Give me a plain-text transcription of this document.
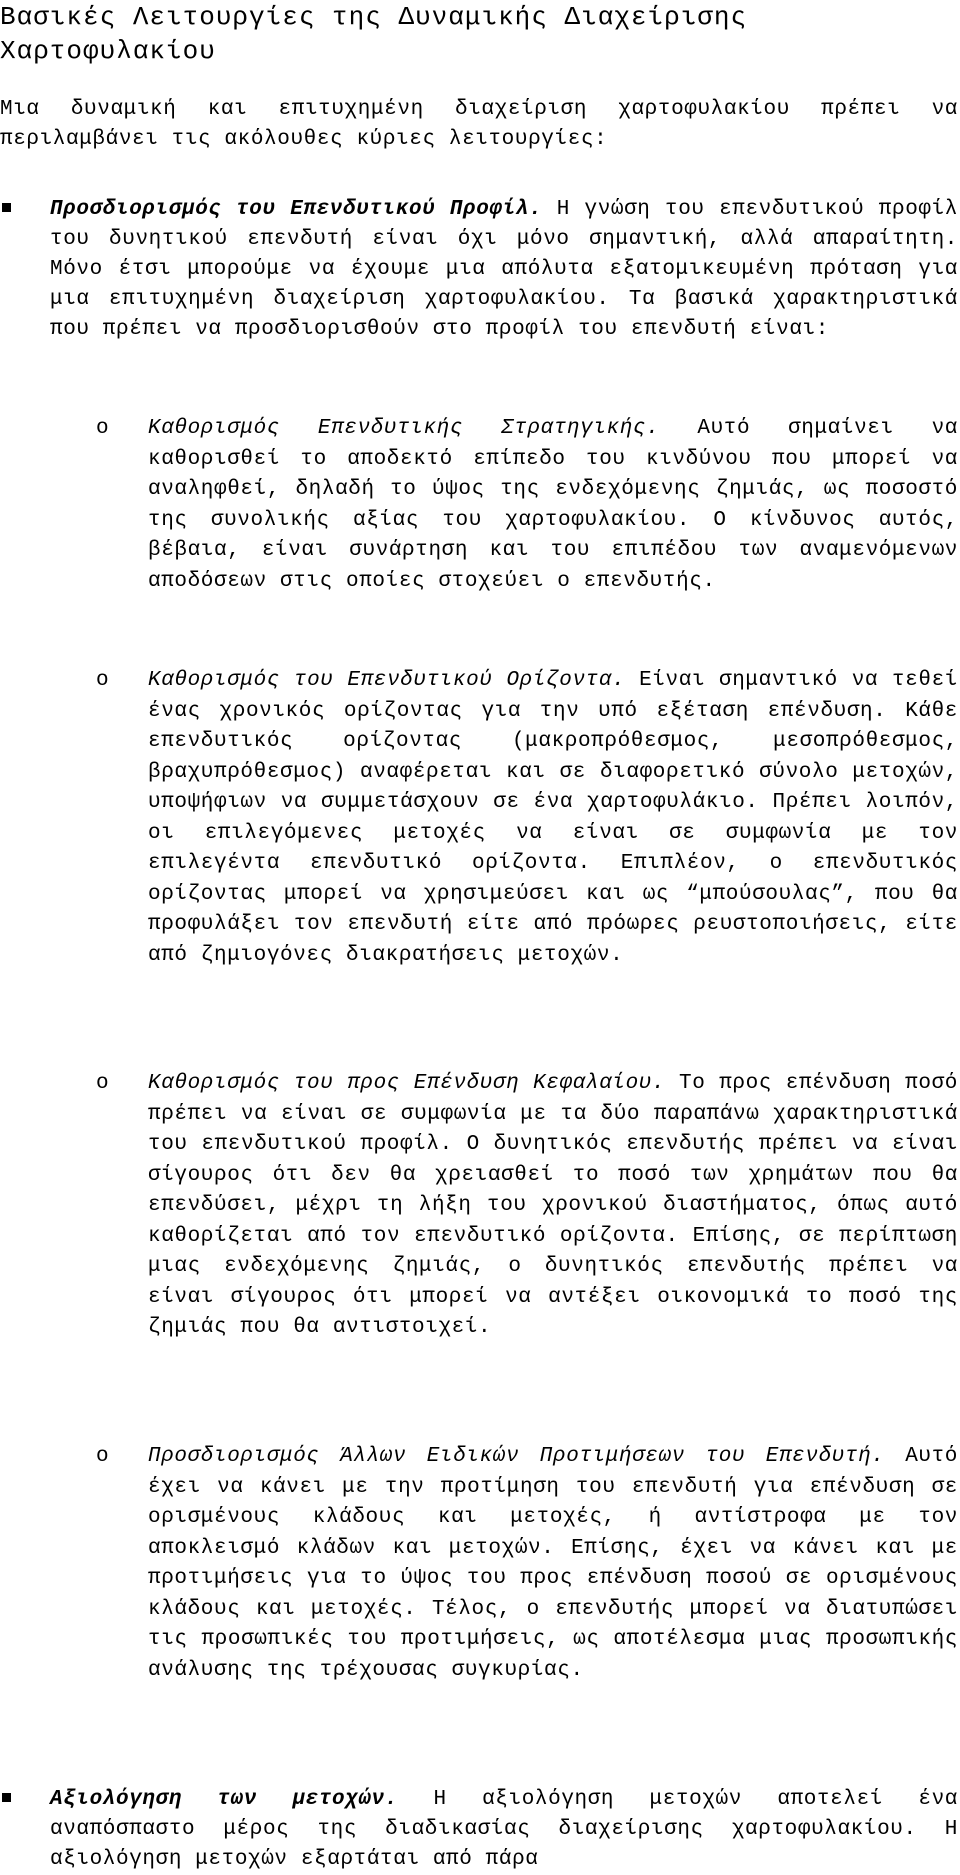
Βασικές Λειτουργίες της Δυναμικής Διαχείρισης Χαρτοφυλακίου

Μια δυναμική και επιτυχημένη διαχείριση χαρτοφυλακίου πρέπει να περιλαμβάνει τις ακόλουθες κύριες λειτουργίες:

Προσδιορισμός του Επενδυτικού Προφίλ. Η γνώση του επενδυτικού προφίλ του δυνητικού επενδυτή είναι όχι μόνο σημαντική, αλλά απαραίτητη. Μόνο έτσι μπορούμε να έχουμε μια απόλυτα εξατομικευμένη πρόταση για μια επιτυχημένη διαχείριση χαρτοφυλακίου. Τα βασικά χαρακτηριστικά που πρέπει να προσδιορισθούν στο προφίλ του επενδυτή είναι:

o Καθορισμός Επενδυτικής Στρατηγικής. Αυτό σημαίνει να καθορισθεί το αποδεκτό επίπεδο του κινδύνου που μπορεί να αναληφθεί, δηλαδή το ύψος της ενδεχόμενης ζημιάς, ως ποσοστό της συνολικής αξίας του χαρτοφυλακίου. Ο κίνδυνος αυτός, βέβαια, είναι συνάρτηση και του επιπέδου των αναμενόμενων αποδόσεων στις οποίες στοχεύει ο επενδυτής.

o Καθορισμός του Επενδυτικού Ορίζοντα. Είναι σημαντικό να τεθεί ένας χρονικός ορίζοντας για την υπό εξέταση επένδυση. Κάθε επενδυτικός ορίζοντας (μακροπρόθεσμος, μεσοπρόθεσμος, βραχυπρόθεσμος) αναφέρεται και σε διαφορετικό σύνολο μετοχών, υποψήφιων να συμμετάσχουν σε ένα χαρτοφυλάκιο. Πρέπει λοιπόν, οι επιλεγόμενες μετοχές να είναι σε συμφωνία με τον επιλεγέντα επενδυτικό ορίζοντα. Επιπλέον, ο επενδυτικός ορίζοντας μπορεί να χρησιμεύσει και ως “μπούσουλας”, που θα προφυλάξει τον επενδυτή είτε από πρόωρες ρευστοποιήσεις, είτε από ζημιογόνες διακρατήσεις μετοχών.

o Καθορισμός του προς Επένδυση Κεφαλαίου. Το προς επένδυση ποσό πρέπει να είναι σε συμφωνία με τα δύο παραπάνω χαρακτηριστικά του επενδυτικού προφίλ. Ο δυνητικός επενδυτής πρέπει να είναι σίγουρος ότι δεν θα χρειασθεί το ποσό των χρημάτων που θα επενδύσει, μέχρι τη λήξη του χρονικού διαστήματος, όπως αυτό καθορίζεται από τον επενδυτικό ορίζοντα. Επίσης, σε περίπτωση μιας ενδεχόμενης ζημιάς, ο δυνητικός επενδυτής πρέπει να είναι σίγουρος ότι μπορεί να αντέξει οικονομικά το ποσό της ζημιάς που θα αντιστοιχεί.

o Προσδιορισμός Άλλων Ειδικών Προτιμήσεων του Επενδυτή. Αυτό έχει να κάνει με την προτίμηση του επενδυτή για επένδυση σε ορισμένους κλάδους και μετοχές, ή αντίστροφα με τον αποκλεισμό κλάδων και μετοχών. Επίσης, έχει να κάνει και με προτιμήσεις για το ύψος του προς επένδυση ποσού σε ορισμένους κλάδους και μετοχές. Τέλος, ο επενδυτής μπορεί να διατυπώσει τις προσωπικές του προτιμήσεις, ως αποτέλεσμα μιας προσωπικής ανάλυσης της τρέχουσας συγκυρίας.

Αξιολόγηση των μετοχών. Η αξιολόγηση μετοχών αποτελεί ένα αναπόσπαστο μέρος της διαδικασίας διαχείρισης χαρτοφυλακίου. Η αξιολόγηση μετοχών εξαρτάται από πάρα
